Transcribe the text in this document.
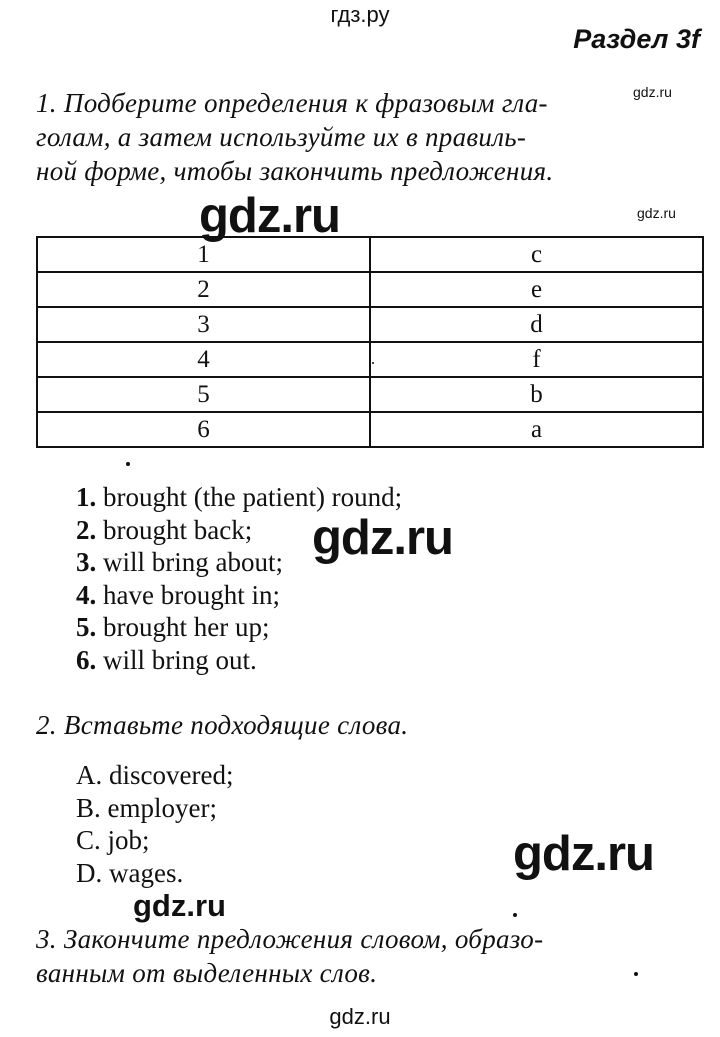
гдз.ру
Раздел 3f
1. Подберите определения к фразовым гла-
голам, а затем используйте их в правиль-
ной форме, чтобы закончить предложения.
gdz.ru
gdz.ru
gdz.ru
1	c
2	e
3	d
4	f
5	b
6	a
1. brought (the patient) round;
2. brought back;
3. will bring about;
4. have brought in;
5. brought her up;
6. will bring out.
gdz.ru
2. Вставьте подходящие слова.
A. discovered;
B. employer;
C. job;
D. wages.	gdz.ru
gdz.ru
3. Закончите предложения словом, образо-
ванным от выделенных слов.
gdz.ru
